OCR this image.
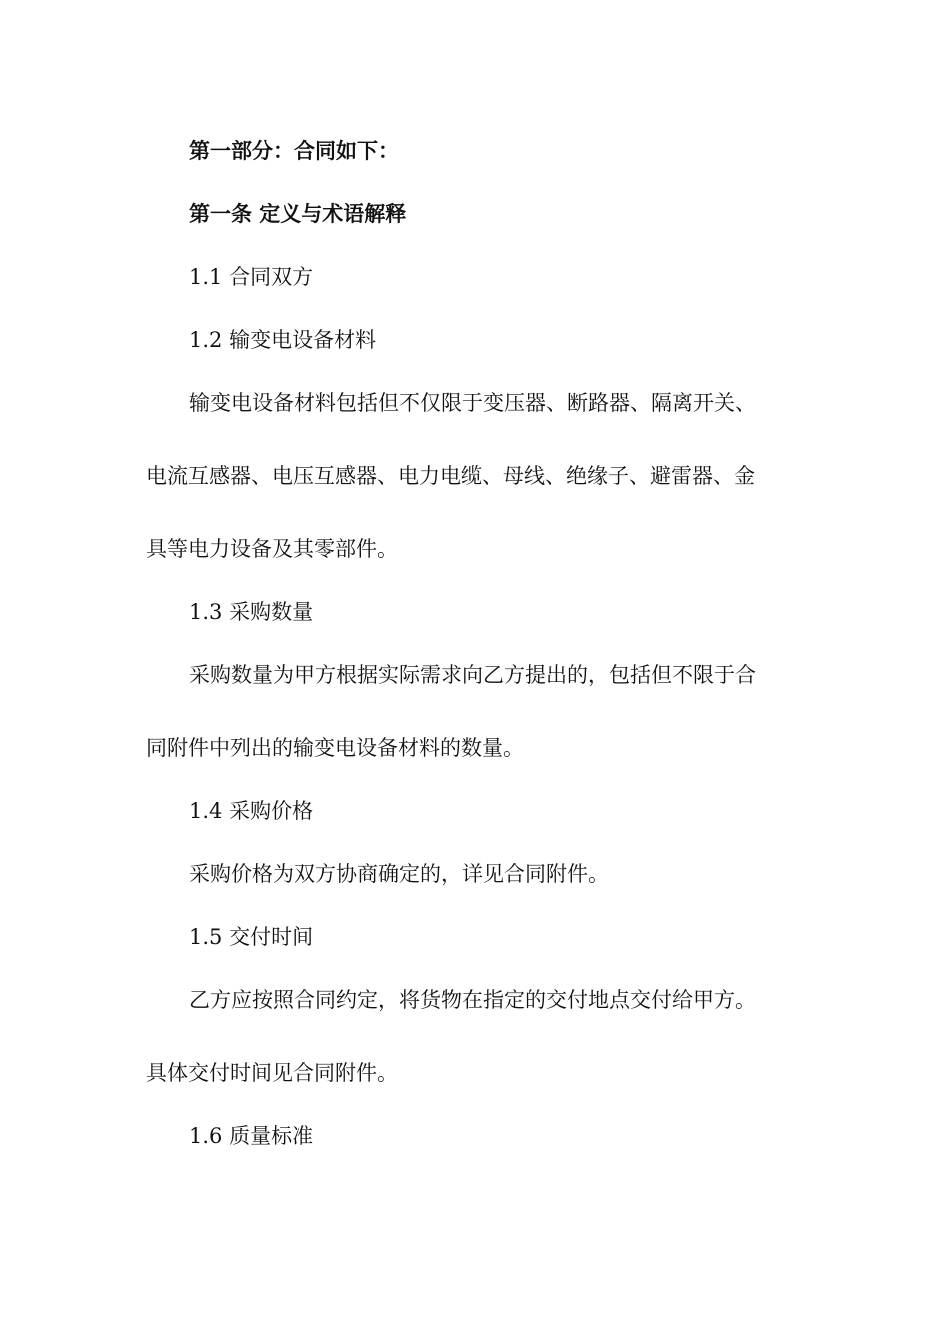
第一部分：合同如下：

第一条 定义与术语解释

1.1 合同双方

1.2 输变电设备材料

输变电设备材料包括但不仅限于变压器、断路器、隔离开关、

电流互感器、电压互感器、电力电缆、母线、绝缘子、避雷器、金

具等电力设备及其零部件。

1.3 采购数量

采购数量为甲方根据实际需求向乙方提出的，包括但不限于合

同附件中列出的输变电设备材料的数量。

1.4 采购价格

采购价格为双方协商确定的，详见合同附件。

1.5 交付时间

乙方应按照合同约定，将货物在指定的交付地点交付给甲方。

具体交付时间见合同附件。

1.6 质量标准
